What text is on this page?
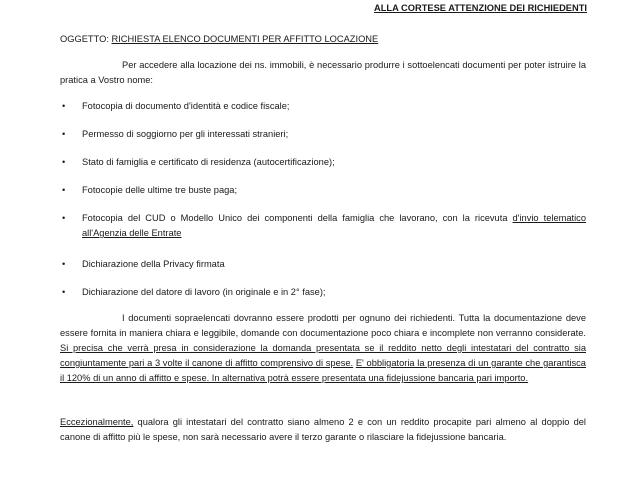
ALLA CORTESE ATTENZIONE DEI RICHIEDENTI
OGGETTO: RICHIESTA ELENCO DOCUMENTI PER AFFITTO LOCAZIONE
Per accedere alla locazione dei ns. immobili, è necessario produrre i sottoelencati documenti per poter istruire la pratica a Vostro nome:
• Fotocopia di documento d'identità e codice fiscale;
• Permesso di soggiorno per gli interessati stranieri;
• Stato di famiglia e certificato di residenza (autocertificazione);
• Fotocopie delle ultime tre buste paga;
• Fotocopia del CUD o Modello Unico dei componenti della famiglia che lavorano, con la ricevuta d'invio telematico all'Agenzia delle Entrate
• Dichiarazione della Privacy firmata
• Dichiarazione del datore di lavoro (in originale e in 2° fase);
I documenti sopraelencati dovranno essere prodotti per ognuno dei richiedenti. Tutta la documentazione deve essere fornita in maniera chiara e leggibile, domande con documentazione poco chiara e incomplete non verranno considerate. Si precisa che verrà presa in considerazione la domanda presentata se il reddito netto degli intestatari del contratto sia congiuntamente pari a 3 volte il canone di affitto comprensivo di spese. E' obbligatoria la presenza di un garante che garantisca il 120% di un anno di affitto e spese. In alternativa potrà essere presentata una fidejussione bancaria pari importo.
Eccezionalmente, qualora gli intestatari del contratto siano almeno 2 e con un reddito procapite pari almeno al doppio del canone di affitto più le spese, non sarà necessario avere il terzo garante o rilasciare la fidejussione bancaria.
